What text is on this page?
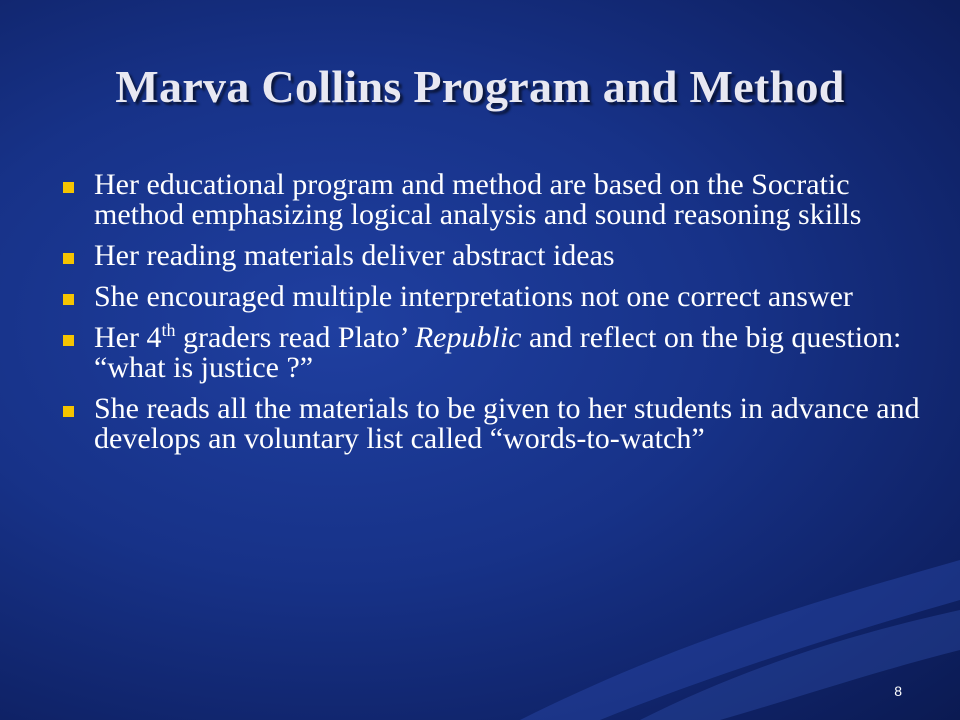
Marva Collins Program and Method
Her educational program and method are based on the Socratic method emphasizing logical analysis and sound reasoning skills
Her reading materials deliver abstract ideas
She encouraged multiple interpretations not one correct answer
Her 4th graders read Plato’ Republic and reflect on the big question: “what is justice ?”
She reads all the materials to be given to her students in advance and develops an voluntary list called “words-to-watch”
8
